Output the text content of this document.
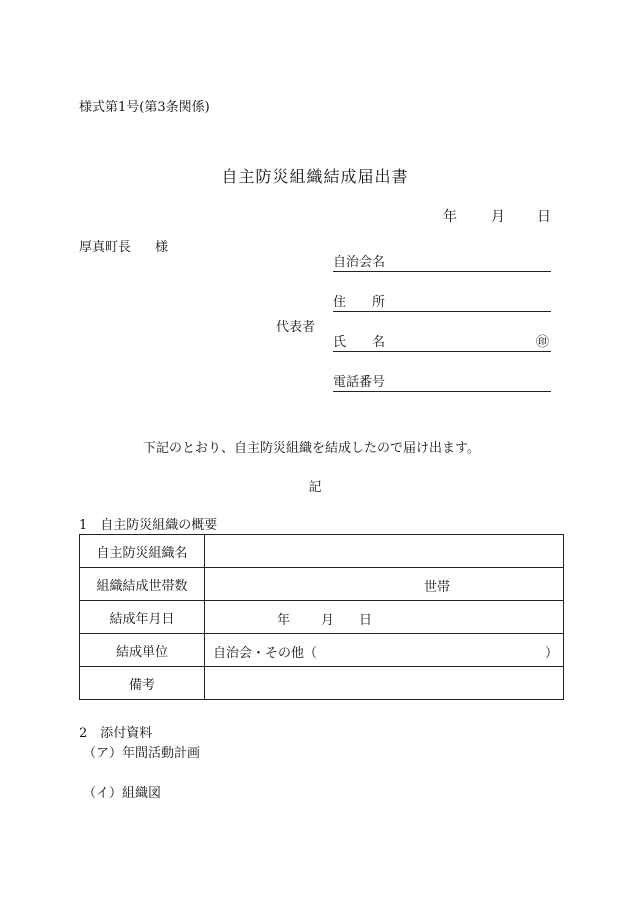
様式第1号(第3条関係)
自主防災組織結成届出書
年 月 日
厚真町長 様
代表者
自治会名
住　　所
氏　　名	㊞
電話番号
下記のとおり、自主防災組織を結成したので届け出ます。
記
1　自主防災組織の概要
自主防災組織名	
組織結成世帯数	世帯

結成年月日	年 月 日

結成単位	自治会・その他（ ）

備考	
2　添付資料
（ア）年間活動計画
（イ）組織図
